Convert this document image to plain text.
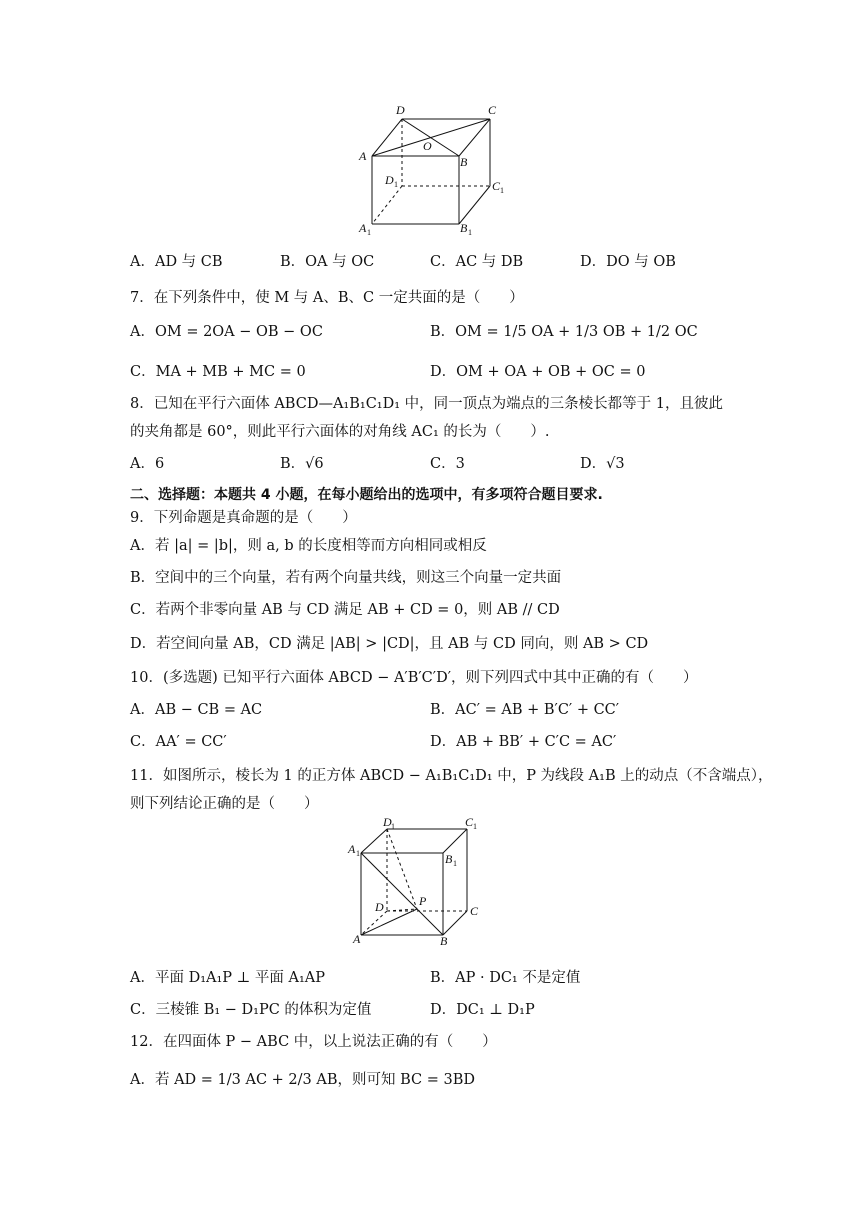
D	C
A
O
B
D 1	C 1
A 1	B 1
A．AD 与 CB	B．OA 与 OC	C．AC 与 DB	D．DO 与 OB
7．在下列条件中，使 M 与 A、B、C 一定共面的是（　　）
A．OM = 2OA − OB − OC	B．OM = 1/5 OA + 1/3 OB + 1/2 OC
C．MA + MB + MC = 0	D．OM + OA + OB + OC = 0
8．已知在平行六面体 ABCD—A₁B₁C₁D₁ 中，同一顶点为端点的三条棱长都等于 1，且彼此
的夹角都是 60°，则此平行六面体的对角线 AC₁ 的长为（　　）.
A．6	B．√6	C．3	D．√3
二、选择题：本题共 4 小题，在每小题给出的选项中，有多项符合题目要求.
9．下列命题是真命题的是（　　）
A．若 |a| = |b|，则 a, b 的长度相等而方向相同或相反
B．空间中的三个向量，若有两个向量共线，则这三个向量一定共面
C．若两个非零向量 AB 与 CD 满足 AB + CD = 0，则 AB // CD
D．若空间向量 AB，CD 满足 |AB| > |CD|，且 AB 与 CD 同向，则 AB > CD
10．(多选题) 已知平行六面体 ABCD − A′B′C′D′，则下列四式中其中正确的有（　　）
A．AB − CB = AC	B．AC′ = AB + B′C′ + CC′
C．AA′ = CC′	D．AB + BB′ + C′C = AC′
11．如图所示，棱长为 1 的正方体 ABCD − A₁B₁C₁D₁ 中，P 为线段 A₁B 上的动点（不含端点），
则下列结论正确的是（　　）
D 1	C 1
A 1	B 1
D	P
C
A	B
A．平面 D₁A₁P ⊥ 平面 A₁AP	B．AP · DC₁ 不是定值
C．三棱锥 B₁ − D₁PC 的体积为定值	D．DC₁ ⊥ D₁P
12．在四面体 P − ABC 中，以上说法正确的有（　　）
A．若 AD = 1/3 AC + 2/3 AB，则可知 BC = 3BD
